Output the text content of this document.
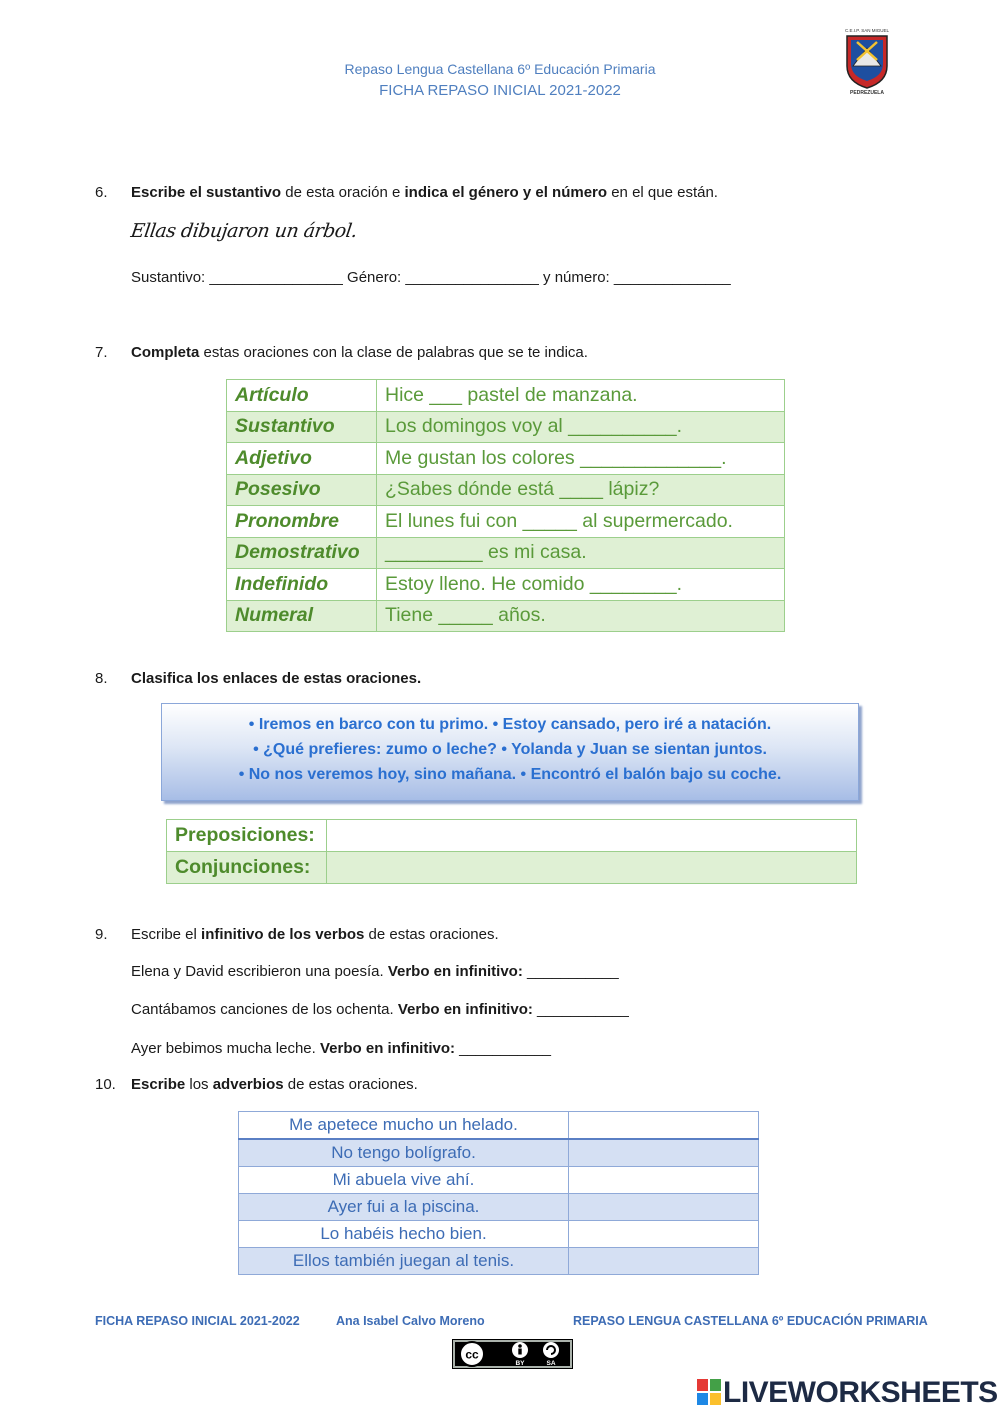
Repaso Lengua Castellana 6º Educación Primaria
FICHA REPASO INICIAL 2021-2022
C.E.I.P. SAN MIGUEL
PEDREZUELA
6. Escribe el sustantivo de esta oración e indica el género y el número en el que están.
Ellas dibujaron un árbol.
Sustantivo: ________________ Género: ________________ y número: ______________
7. Completa estas oraciones con la clase de palabras que se te indica.
Artículo	Hice ___ pastel de manzana.
Sustantivo	Los domingos voy al __________.
Adjetivo	Me gustan los colores _____________.
Posesivo	¿Sabes dónde está ____ lápiz?
Pronombre	El lunes fui con _____ al supermercado.
Demostrativo	_________ es mi casa.
Indefinido	Estoy lleno. He comido ________.
Numeral	Tiene _____ años.
8. Clasifica los enlaces de estas oraciones.
• Iremos en barco con tu primo. • Estoy cansado, pero iré a natación.
• ¿Qué prefieres: zumo o leche? • Yolanda y Juan se sientan juntos.
• No nos veremos hoy, sino mañana. • Encontró el balón bajo su coche.
Preposiciones:	
Conjunciones:	
9. Escribe el infinitivo de los verbos de estas oraciones.
Elena y David escribieron una poesía. Verbo en infinitivo: ___________
Cantábamos canciones de los ochenta. Verbo en infinitivo: ___________
Ayer bebimos mucha leche. Verbo en infinitivo: ___________
10. Escribe los adverbios de estas oraciones.
Me apetece mucho un helado.	
No tengo bolígrafo.	
Mi abuela vive ahí.	
Ayer fui a la piscina.	
Lo habéis hecho bien.	
Ellos también juegan al tenis.	
FICHA REPASO INICIAL 2021-2022	Ana Isabel Calvo Moreno	REPASO LENGUA CASTELLANA 6º EDUCACIÓN PRIMARIA
cc
BY	SA
LIVEWORKSHEETS
